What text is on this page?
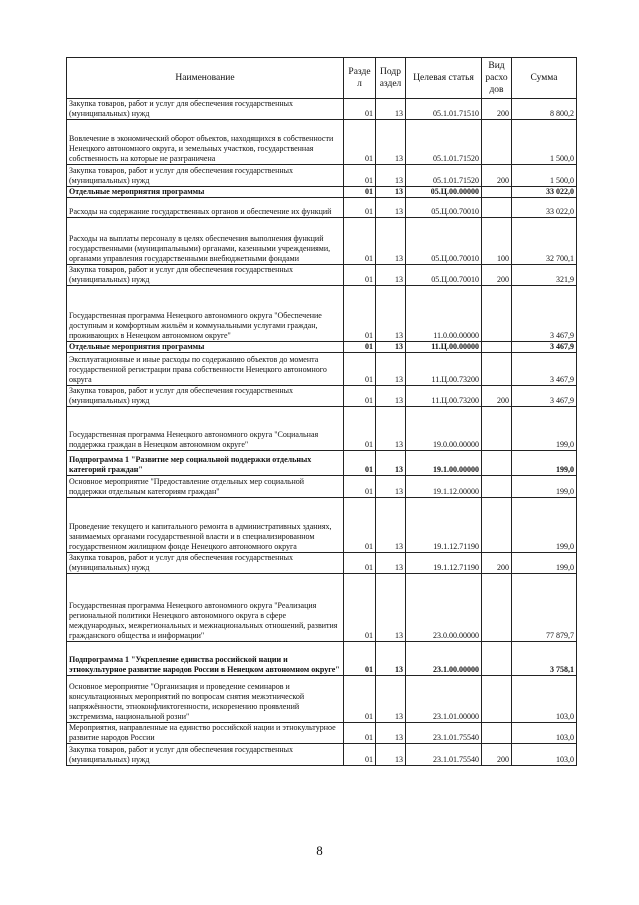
Наименование	Разде л	Подр аздел	Целевая статья	Вид расхо дов	Сумма
Закупка товаров, работ и услуг для обеспечения государственных (муниципальных) нужд	01	13	05.1.01.71510	200	8 800,2
Вовлечение в экономический оборот объектов, находящихся в собственности Ненецкого автономного округа, и земельных участков, государственная собственность на которые не разграничена	01	13	05.1.01.71520		1 500,0
Закупка товаров, работ и услуг для обеспечения государственных (муниципальных) нужд	01	13	05.1.01.71520	200	1 500,0
Отдельные мероприятия программы	01	13	05.Ц.00.00000		33 022,0
Расходы на содержание государственных органов и обеспечение их функций	01	13	05.Ц.00.70010		33 022,0
Расходы на выплаты персоналу в целях обеспечения выполнения функций государственными (муниципальными) органами, казенными учреждениями, органами управления государственными внебюджетными фондами	01	13	05.Ц.00.70010	100	32 700,1
Закупка товаров, работ и услуг для обеспечения государственных (муниципальных) нужд	01	13	05.Ц.00.70010	200	321,9
Государственная программа Ненецкого автономного округа "Обеспечение доступным и комфортным жильём и коммунальными услугами граждан, проживающих в Ненецком автономном округе"	01	13	11.0.00.00000		3 467,9
Отдельные мероприятия программы	01	13	11.Ц.00.00000		3 467,9
Эксплуатационные и иные расходы по содержанию объектов до момента государственной регистрации права собственности Ненецкого автономного округа	01	13	11.Ц.00.73200		3 467,9
Закупка товаров, работ и услуг для обеспечения государственных (муниципальных) нужд	01	13	11.Ц.00.73200	200	3 467,9
Государственная программа Ненецкого автономного округа "Социальная поддержка граждан в Ненецком автономном округе"	01	13	19.0.00.00000		199,0
Подпрограмма 1 "Развитие мер социальной поддержки отдельных категорий граждан"	01	13	19.1.00.00000		199,0
Основное мероприятие "Предоставление отдельных мер социальной поддержки отдельным категориям граждан"	01	13	19.1.12.00000		199,0
Проведение текущего и капитального ремонта в административных зданиях, занимаемых органами государственной власти и в специализированном государственном жилищном фонде Ненецкого автономного округа	01	13	19.1.12.71190		199,0
Закупка товаров, работ и услуг для обеспечения государственных (муниципальных) нужд	01	13	19.1.12.71190	200	199,0
Государственная программа Ненецкого автономного округа "Реализация региональной политики Ненецкого автономного округа в сфере международных, межрегиональных и межнациональных отношений, развития гражданского общества и информации"	01	13	23.0.00.00000		77 879,7
Подпрограмма 1 "Укрепление единства российской нации и этнокультурное развитие народов России в Ненецком автономном округе"	01	13	23.1.00.00000		3 758,1
Основное мероприятие "Организация и проведение семинаров и консультационных мероприятий по вопросам снятия межэтнической напряжённости, этноконфликтогенности, искоренению проявлений экстремизма, национальной розни"	01	13	23.1.01.00000		103,0
Мероприятия, направленные на единство российской нации и этнокультурное развитие народов России	01	13	23.1.01.75540		103,0
Закупка товаров, работ и услуг для обеспечения государственных (муниципальных) нужд	01	13	23.1.01.75540	200	103,0
8
